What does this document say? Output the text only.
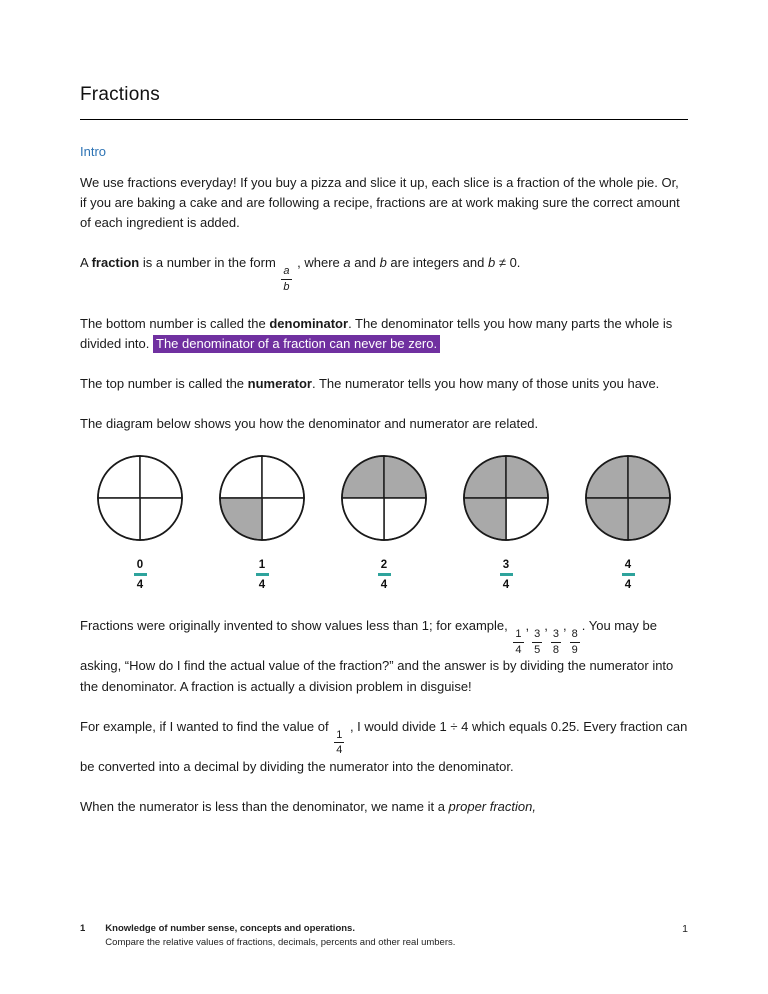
Fractions
Intro

We use fractions everyday! If you buy a pizza and slice it up, each slice is a fraction of the whole pie. Or, if you are baking a cake and are following a recipe, fractions are at work making sure the correct amount of each ingredient is added.

A fraction is a number in the form
$\frac{a}{b}$
, where a and b are integers and b ≠ 0.

The bottom number is called the denominator. The denominator tells you how many parts the whole is divided into. The denominator of a fraction can never be zero.

The top number is called the numerator. The numerator tells you how many of those units you have.

The diagram below shows you how the denominator and numerator are related.

0
4
1
4
2
4
3
4
4
4

Fractions were originally invented to show values less than 1; for example,
$\frac{1}{4}$
,
$\frac{3}{5}$
,
$\frac{3}{8}$
,
$\frac{8}{9}$
. You may be asking, “How do I find the actual value of the fraction?” and the answer is by dividing the numerator into the denominator. A fraction is actually a division problem in disguise!

For example, if I wanted to find the value of
$\frac{1}{4}$
, I would divide 1 ÷ 4 which equals 0.25. Every fraction can be converted into a decimal by dividing the numerator into the denominator.

When the numerator is less than the denominator, we name it a proper fraction,

1 Knowledge of number sense, concepts and operations.
Compare the relative values of fractions, decimals, percents and other real umbers.
1
